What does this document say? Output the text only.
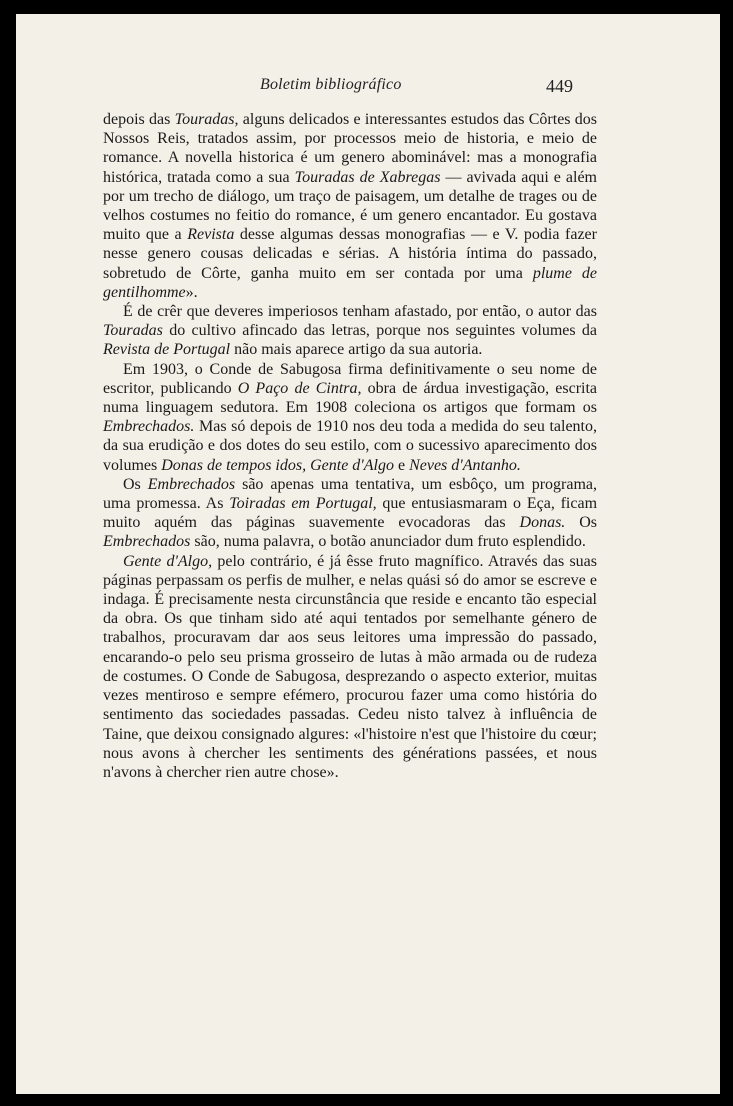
Boletim bibliográfico	449

depois das Touradas, alguns delicados e interessantes estudos das Côrtes dos Nossos Reis, tratados assim, por processos meio de historia, e meio de romance. A novella historica é um genero abominável: mas a monografia histórica, tratada como a sua Touradas de Xabregas — avivada aqui e além por um trecho de diálogo, um traço de paisagem, um detalhe de trages ou de velhos costumes no feitio do romance, é um genero encantador. Eu gostava muito que a Revista desse algumas dessas monografias — e V. podia fazer nesse genero cousas delicadas e sérias. A história íntima do passado, sobretudo de Côrte, ganha muito em ser contada por uma plume de gentilhomme».

É de crêr que deveres imperiosos tenham afastado, por então, o autor das Touradas do cultivo afincado das letras, porque nos seguintes volumes da Revista de Portugal não mais aparece artigo da sua autoria.

Em 1903, o Conde de Sabugosa firma definitivamente o seu nome de escritor, publicando O Paço de Cintra, obra de árdua investigação, escrita numa linguagem sedutora. Em 1908 coleciona os artigos que formam os Embrechados. Mas só depois de 1910 nos deu toda a medida do seu talento, da sua erudição e dos dotes do seu estilo, com o sucessivo aparecimento dos volumes Donas de tempos idos, Gente d'Algo e Neves d'Antanho.

Os Embrechados são apenas uma tentativa, um esbôço, um programa, uma promessa. As Toiradas em Portugal, que entusiasmaram o Eça, ficam muito aquém das páginas suavemente evocadoras das Donas. Os Embrechados são, numa palavra, o botão anunciador dum fruto esplendido.

Gente d'Algo, pelo contrário, é já êsse fruto magnífico. Através das suas páginas perpassam os perfis de mulher, e nelas quási só do amor se escreve e indaga. É precisamente nesta circunstância que reside e encanto tão especial da obra. Os que tinham sido até aqui tentados por semelhante género de trabalhos, procuravam dar aos seus leitores uma impressão do passado, encarando-o pelo seu prisma grosseiro de lutas à mão armada ou de rudeza de costumes. O Conde de Sabugosa, desprezando o aspecto exterior, muitas vezes mentiroso e sempre efémero, procurou fazer uma como história do sentimento das sociedades passadas. Cedeu nisto talvez à influência de Taine, que deixou consignado algures: «l'histoire n'est que l'histoire du cœur; nous avons à chercher les sentiments des générations passées, et nous n'avons à chercher rien autre chose».
